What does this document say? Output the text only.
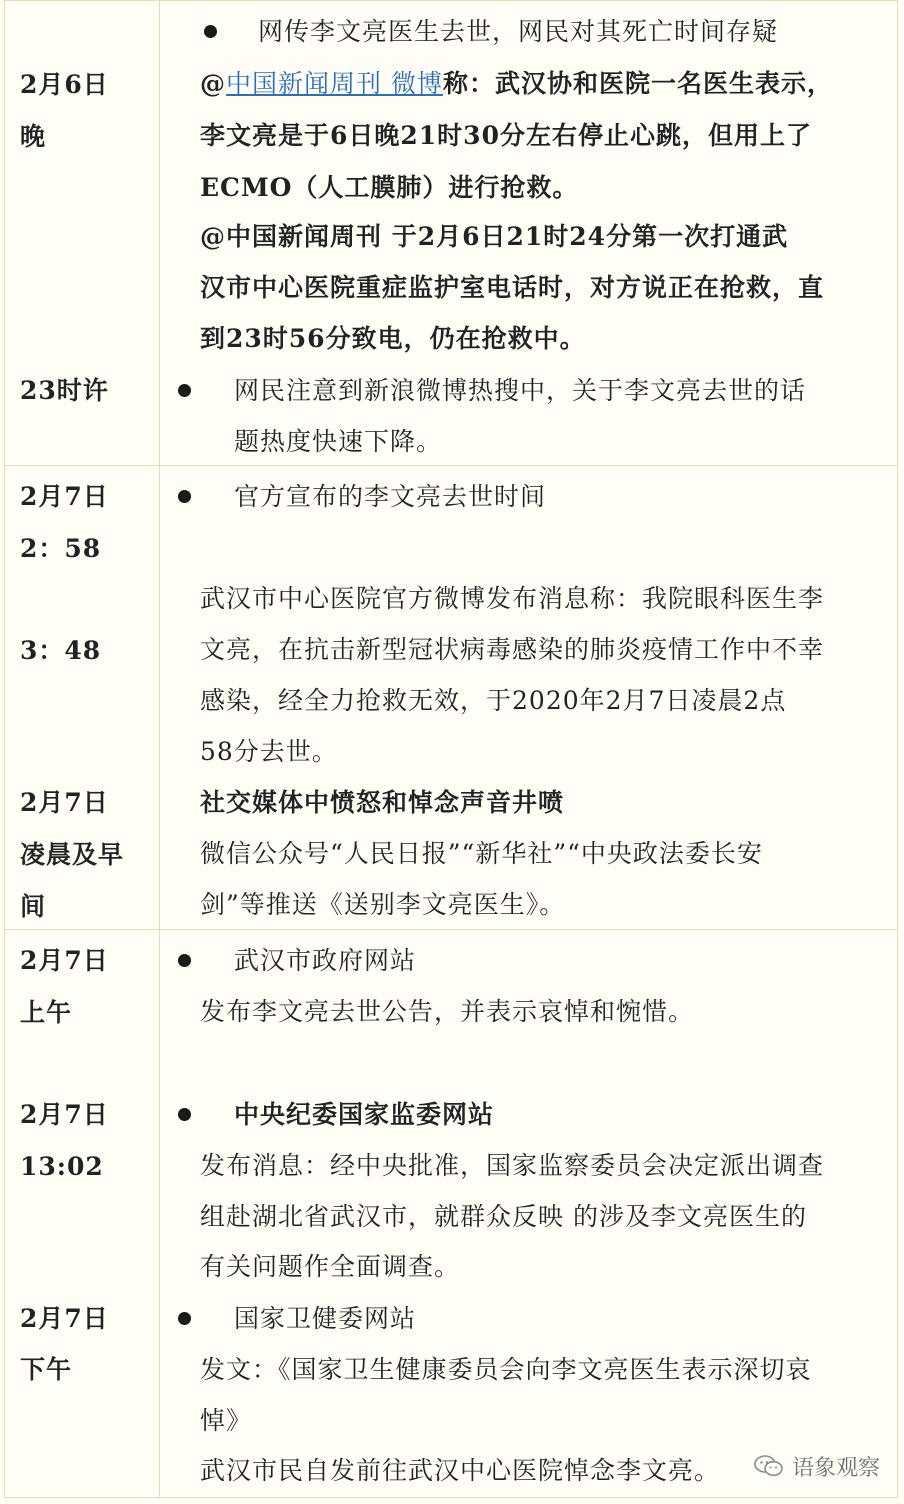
2月6日
晚
网传李文亮医生去世，网民对其死亡时间存疑
@中国新闻周刊 微博称：武汉协和医院一名医生表示，
李文亮是于6日晚21时30分左右停止心跳，但用上了
ECMO（人工膜肺）进行抢救。
@中国新闻周刊 于2月6日21时24分第一次打通武
汉市中心医院重症监护室电话时，对方说正在抢救，直
到23时56分致电，仍在抢救中。
23时许	网民注意到新浪微博热搜中，关于李文亮去世的话
题热度快速下降。
2月7日
2：58
3：48
官方宣布的李文亮去世时间
武汉市中心医院官方微博发布消息称：我院眼科医生李
文亮，在抗击新型冠状病毒感染的肺炎疫情工作中不幸
感染，经全力抢救无效，于2020年2月7日凌晨2点
58分去世。
2月7日
凌晨及早
间
社交媒体中愤怒和悼念声音井喷
微信公众号“人民日报”“新华社”“中央政法委长安
剑”等推送《送别李文亮医生》。
2月7日
上午
武汉市政府网站
发布李文亮去世公告，并表示哀悼和惋惜。
2月7日
13:02
中央纪委国家监委网站
发布消息：经中央批准，国家监察委员会决定派出调查
组赴湖北省武汉市，就群众反映 的涉及李文亮医生的
有关问题作全面调查。
2月7日
下午
国家卫健委网站
发文：《国家卫生健康委员会向李文亮医生表示深切哀
悼》
武汉市民自发前往武汉中心医院悼念李文亮。	语象观察
